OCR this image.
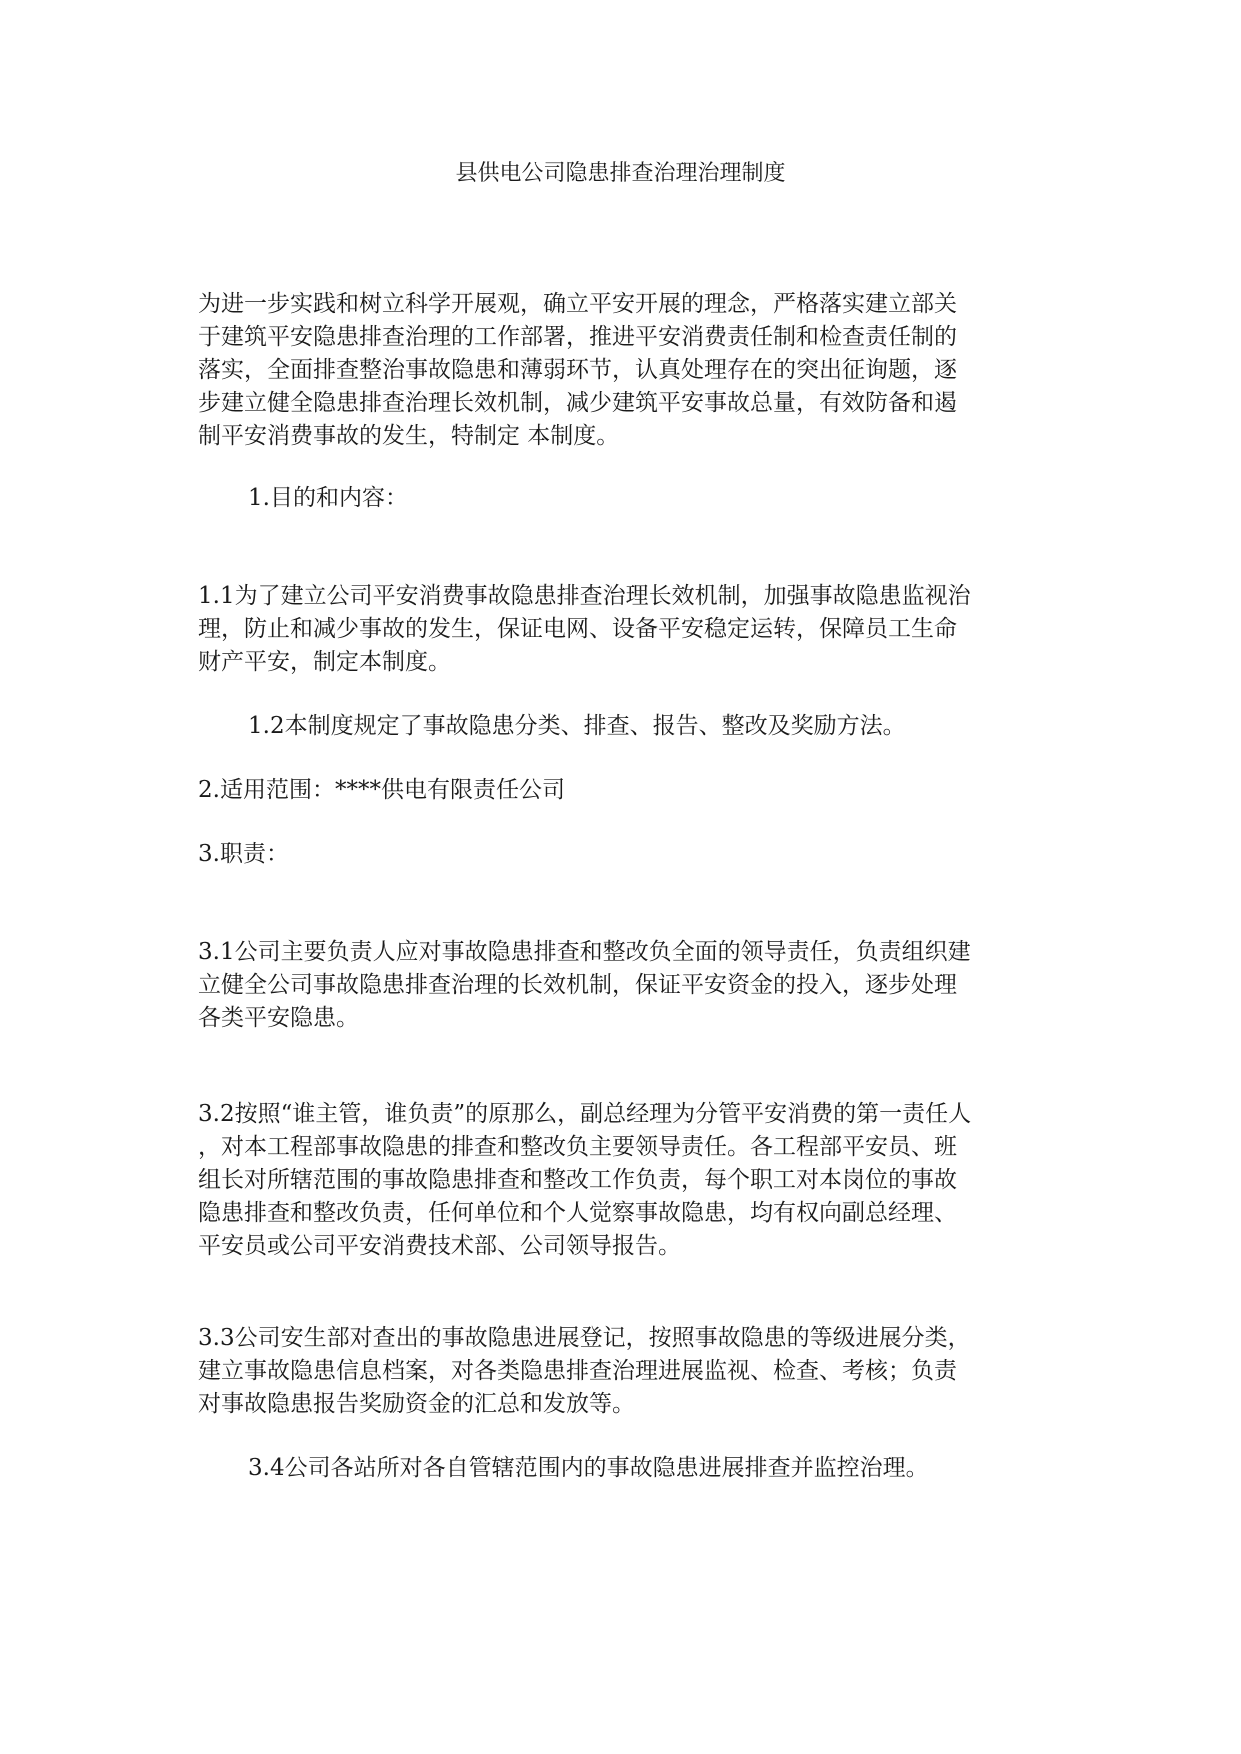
县供电公司隐患排查治理治理制度
为进一步实践和树立科学开展观，确立平安开展的理念，严格落实建立部关
于建筑平安隐患排查治理的工作部署，推进平安消费责任制和检查责任制的
落实，全面排查整治事故隐患和薄弱环节，认真处理存在的突出征询题，逐
步建立健全隐患排查治理长效机制，减少建筑平安事故总量，有效防备和遏
制平安消费事故的发生，特制定 本制度。
1.目的和内容：
1.1为了建立公司平安消费事故隐患排查治理长效机制，加强事故隐患监视治
理，防止和减少事故的发生，保证电网、设备平安稳定运转，保障员工生命
财产平安，制定本制度。
1.2本制度规定了事故隐患分类、排查、报告、整改及奖励方法。
2.适用范围：****供电有限责任公司
3.职责：
3.1公司主要负责人应对事故隐患排查和整改负全面的领导责任，负责组织建
立健全公司事故隐患排查治理的长效机制，保证平安资金的投入，逐步处理
各类平安隐患。
3.2按照“谁主管，谁负责”的原那么，副总经理为分管平安消费的第一责任人
，对本工程部事故隐患的排查和整改负主要领导责任。各工程部平安员、班
组长对所辖范围的事故隐患排查和整改工作负责，每个职工对本岗位的事故
隐患排查和整改负责，任何单位和个人觉察事故隐患，均有权向副总经理、
平安员或公司平安消费技术部、公司领导报告。
3.3公司安生部对查出的事故隐患进展登记，按照事故隐患的等级进展分类，
建立事故隐患信息档案，对各类隐患排查治理进展监视、检查、考核；负责
对事故隐患报告奖励资金的汇总和发放等。
3.4公司各站所对各自管辖范围内的事故隐患进展排查并监控治理。
